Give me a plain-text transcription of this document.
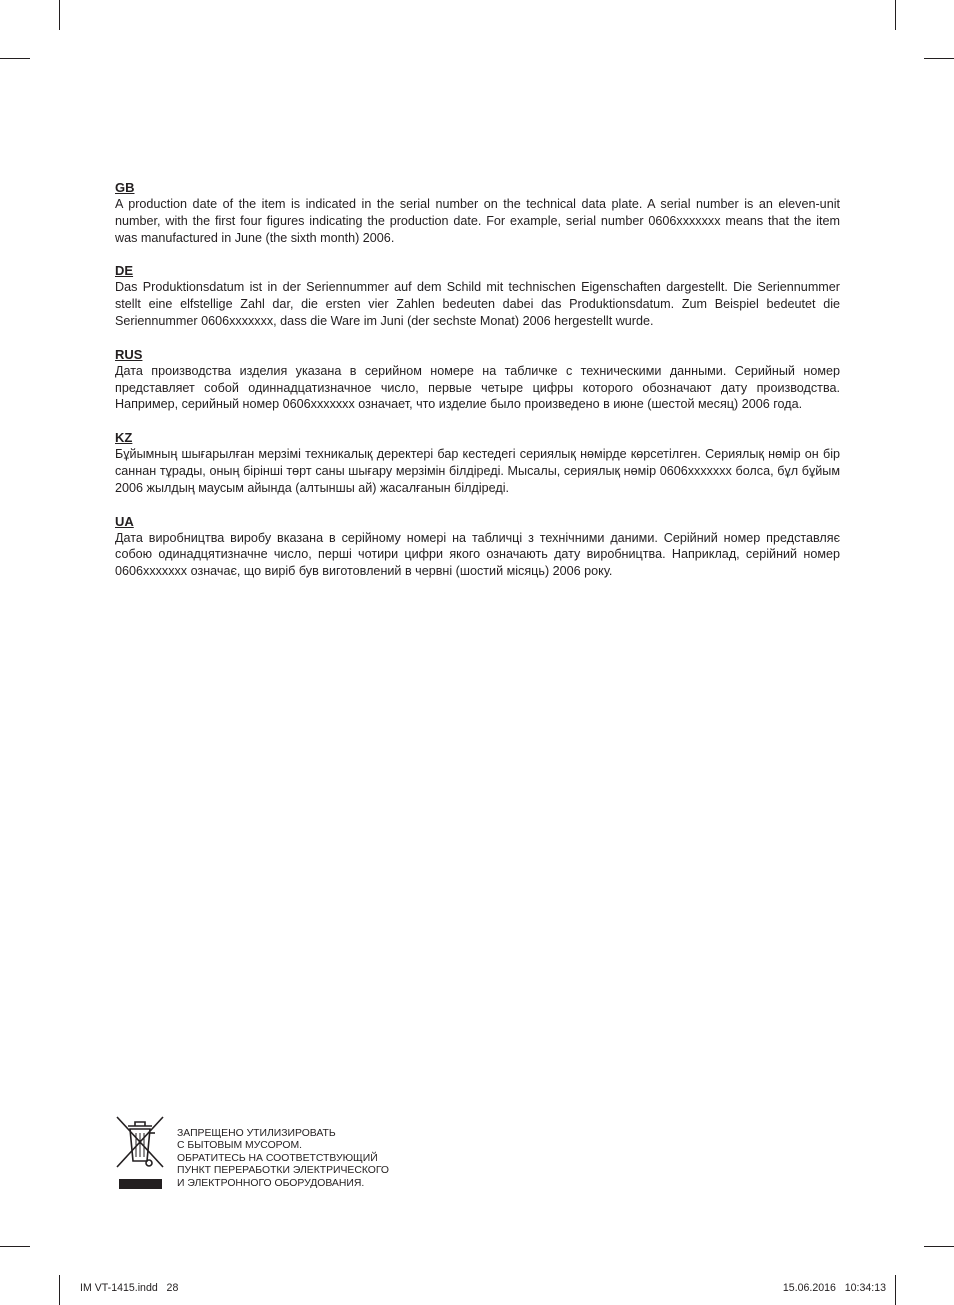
GB

A production date of the item is indicated in the serial number on the technical data plate. A serial number is an eleven-unit number, with the first four figures indicating the production date. For example, serial number 0606xxxxxxx means that the item was manufactured in June (the sixth month) 2006.

DE

Das Produktionsdatum ist in der Seriennummer auf dem Schild mit technischen Eigenschaften dargestellt. Die Seriennummer stellt eine elfstellige Zahl dar, die ersten vier Zahlen bedeuten dabei das Produktionsdatum. Zum Beispiel bedeutet die Seriennummer 0606xxxxxxx, dass die Ware im Juni (der sechste Monat) 2006 hergestellt wurde.

RUS

Дата производства изделия указана в серийном номере на табличке с техническими данными. Серийный номер представляет собой одиннадцатизначное число, первые четыре цифры которого обозначают дату производства. Например, серийный номер 0606xxxxxxx означает, что изделие было произведено в июне (шестой месяц) 2006 года.

KZ

Бұйымның шығарылған мерзімі техникалық деректері бар кестедегі сериялық нөмірде көрсетілген. Сериялық нөмір он бір саннан тұрады, оның бірінші төрт саны шығару мерзімін білдіреді. Мысалы, сериялық нөмір 0606xxxxxxx болса, бұл бұйым 2006 жылдың маусым айында (алтыншы ай) жасалғанын білдіреді.

UA

Дата виробництва виробу вказана в серійному номері на табличці з технічними даними. Серійний номер представляє собою одинадцятизначне число, перші чотири цифри якого означають дату виробництва. Наприклад, серійний номер 0606xxxxxxx означає, що виріб був виготовлений в червні (шостий місяць) 2006 року.

ЗАПРЕЩЕНО УТИЛИЗИРОВАТЬ
С БЫТОВЫМ МУСОРОМ.
ОБРАТИТЕСЬ НА СООТВЕТСТВУЮЩИЙ
ПУНКТ ПЕРЕРАБОТКИ ЭЛЕКТРИЧЕСКОГО
И ЭЛЕКТРОННОГО ОБОРУДОВАНИЯ.

IM VT-1415.indd   28	15.06.2016   10:34:13
